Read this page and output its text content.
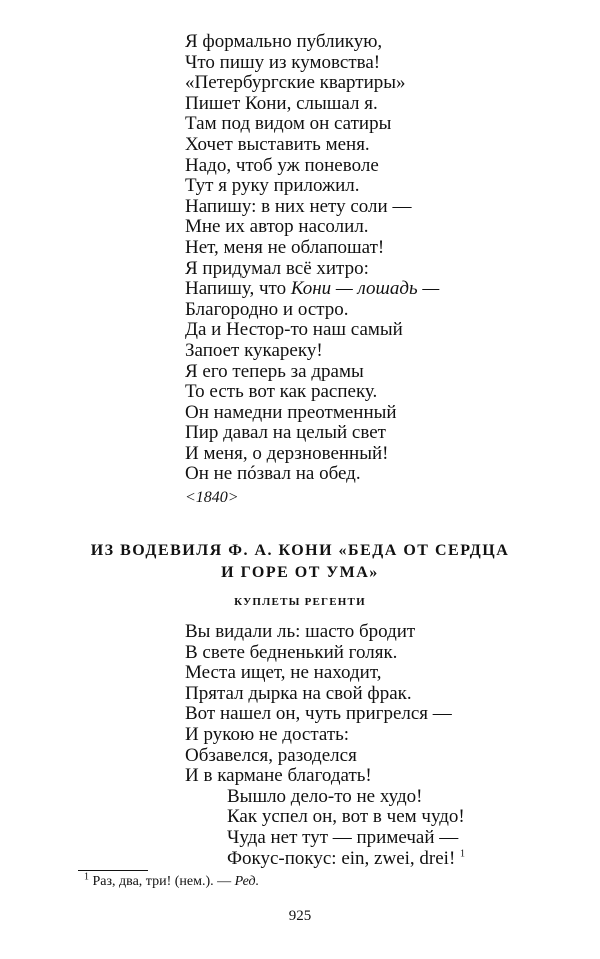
Я формально публикую,
Что пишу из кумовства!
«Петербургские квартиры»
Пишет Кони, слышал я.
Там под видом он сатиры
Хочет выставить меня.
Надо, чтоб уж поневоле
Тут я руку приложил.
Напишу: в них нету соли —
Мне их автор насолил.
Нет, меня не облапошат!
Я придумал всё хитро:
Напишу, что Кони — лошадь —
Благородно и остро.
Да и Нестор-то наш самый
Запоет кукареку!
Я его теперь за драмы
То есть вот как распеку.
Он намедни преотменный
Пир давал на целый свет
И меня, о дерзновенный!
Он не пóзвал на обед.
<1840>
ИЗ ВОДЕВИЛЯ Ф. А. КОНИ «БЕДА ОТ СЕРДЦА
И ГОРЕ ОТ УМА»
КУПЛЕТЫ РЕГЕНТИ
Вы видали ль: шасто бродит
В свете бедненький голяк.
Места ищет, не находит,
Прятал дырка на свой фрак.
Вот нашел он, чуть пригрелся —
И рукою не достать:
Обзавелся, разоделся
И в кармане благодать!
Вышло дело-то не худо!
Как успел он, вот в чем чудо!
Чуда нет тут — примечай —
Фокус-покус: ein, zwei, drei! $^1$
$^1$ Раз, два, три! (нем.). — Ред.
925
